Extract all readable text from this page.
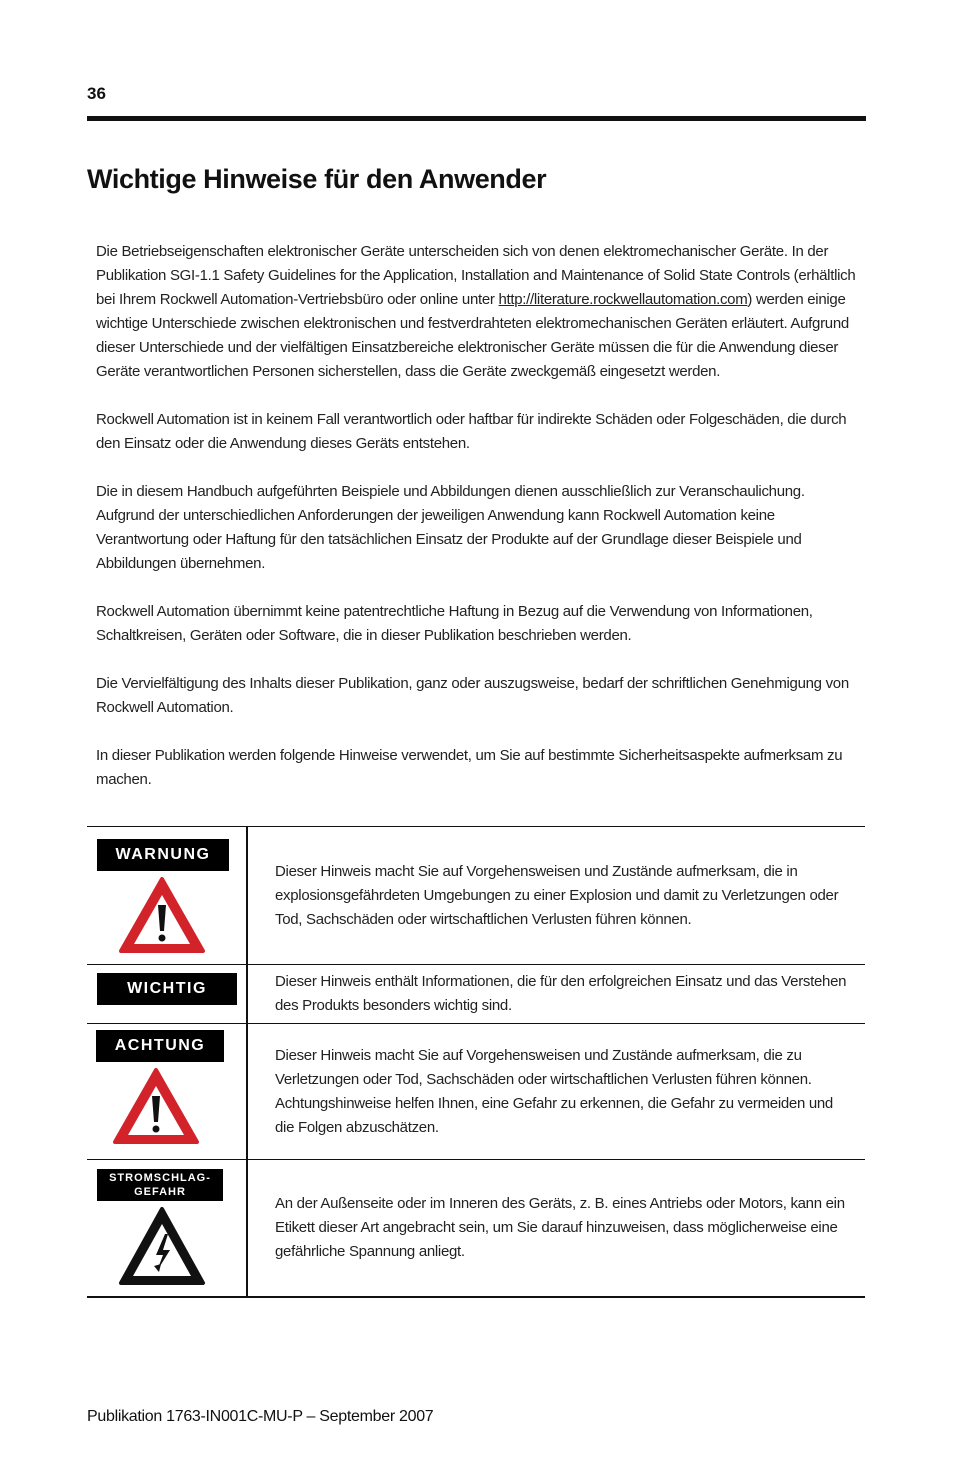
36
Wichtige Hinweise für den Anwender

Die Betriebseigenschaften elektronischer Geräte unterscheiden sich von denen elektromechanischer Geräte. In der Publikation SGI-1.1 Safety Guidelines for the Application, Installation and Maintenance of Solid State Controls (erhältlich bei Ihrem Rockwell Automation-Vertriebsbüro oder online unter http://literature.rockwellautomation.com) werden einige wichtige Unterschiede zwischen elektronischen und festverdrahteten elektromechanischen Geräten erläutert. Aufgrund dieser Unterschiede und der vielfältigen Einsatzbereiche elektronischer Geräte müssen die für die Anwendung dieser Geräte verantwortlichen Personen sicherstellen, dass die Geräte zweckgemäß eingesetzt werden.

Rockwell Automation ist in keinem Fall verantwortlich oder haftbar für indirekte Schäden oder Folgeschäden, die durch den Einsatz oder die Anwendung dieses Geräts entstehen.

Die in diesem Handbuch aufgeführten Beispiele und Abbildungen dienen ausschließlich zur Veranschaulichung. Aufgrund der unterschiedlichen Anforderungen der jeweiligen Anwendung kann Rockwell Automation keine Verantwortung oder Haftung für den tatsächlichen Einsatz der Produkte auf der Grundlage dieser Beispiele und Abbildungen übernehmen.

Rockwell Automation übernimmt keine patentrechtliche Haftung in Bezug auf die Verwendung von Informationen, Schaltkreisen, Geräten oder Software, die in dieser Publikation beschrieben werden.

Die Vervielfältigung des Inhalts dieser Publikation, ganz oder auszugsweise, bedarf der schriftlichen Genehmigung von Rockwell Automation.

In dieser Publikation werden folgende Hinweise verwendet, um Sie auf bestimmte Sicherheitsaspekte aufmerksam zu machen.

WARNUNG
Dieser Hinweis macht Sie auf Vorgehensweisen und Zustände aufmerksam, die in explosionsgefährdeten Umgebungen zu einer Explosion und damit zu Verletzungen oder Tod, Sachschäden oder wirtschaftlichen Verlusten führen können.
WICHTIG	Dieser Hinweis enthält Informationen, die für den erfolgreichen Einsatz und das Verstehen des Produkts besonders wichtig sind.
ACHTUNG
Dieser Hinweis macht Sie auf Vorgehensweisen und Zustände aufmerksam, die zu Verletzungen oder Tod, Sachschäden oder wirtschaftlichen Verlusten führen können. Achtungshinweise helfen Ihnen, eine Gefahr zu erkennen, die Gefahr zu vermeiden und die Folgen abzuschätzen.
STROMSCHLAG-
GEFAHR
An der Außenseite oder im Inneren des Geräts, z. B. eines Antriebs oder Motors, kann ein Etikett dieser Art angebracht sein, um Sie darauf hinzuweisen, dass möglicherweise eine gefährliche Spannung anliegt.
Publikation 1763-IN001C-MU-P – September 2007
